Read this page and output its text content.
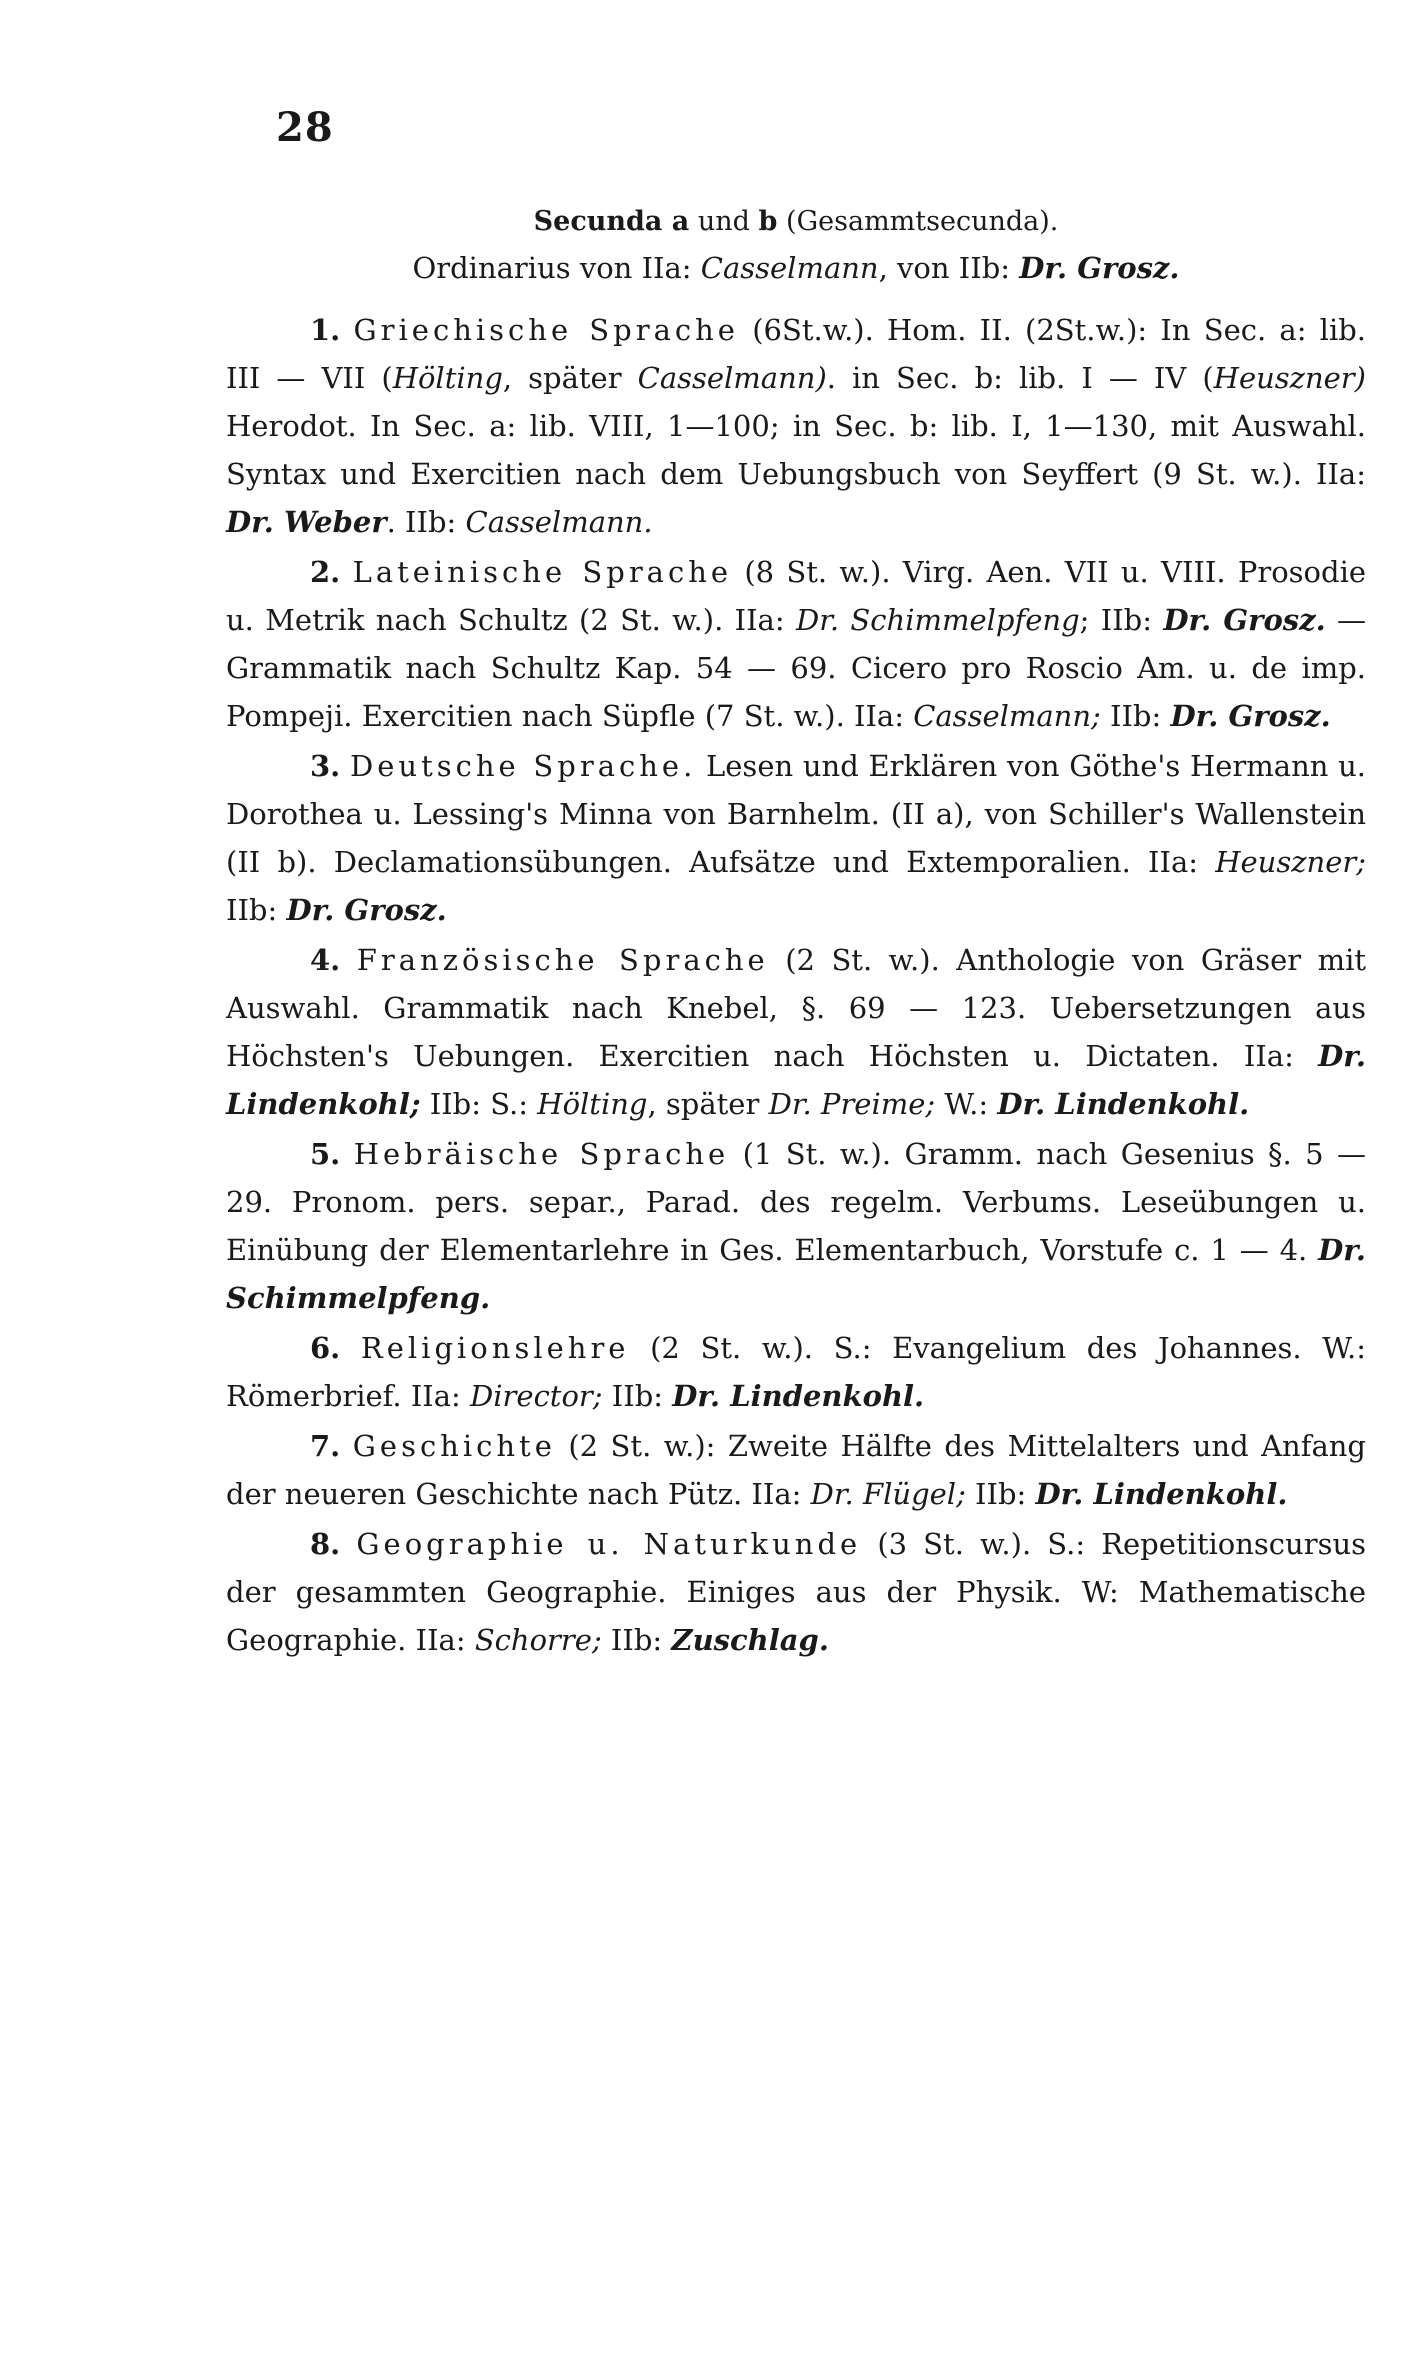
28

Secunda a und b (Gesammtsecunda).

Ordinarius von IIa: Casselmann, von IIb: Dr. Grosz.

1. Griechische Sprache (6St.w.). Hom. II. (2St.w.): In Sec. a: lib. III — VII (Hölting, später Casselmann). in Sec. b: lib. I — IV (Heuszner) Herodot. In Sec. a: lib. VIII, 1—100; in Sec. b: lib. I, 1—130, mit Auswahl. Syntax und Exercitien nach dem Uebungsbuch von Seyffert (9 St. w.). IIa: Dr. Weber. IIb: Casselmann.

2. Lateinische Sprache (8 St. w.). Virg. Aen. VII u. VIII. Prosodie u. Metrik nach Schultz (2 St. w.). IIa: Dr. Schimmelpfeng; IIb: Dr. Grosz. — Grammatik nach Schultz Kap. 54 — 69. Cicero pro Roscio Am. u. de imp. Pompeji. Exercitien nach Süpfle (7 St. w.). IIa: Casselmann; IIb: Dr. Grosz.

3. Deutsche Sprache. Lesen und Erklären von Göthe's Hermann u. Dorothea u. Lessing's Minna von Barnhelm. (II a), von Schiller's Wallenstein (II b). Declamationsübungen. Aufsätze und Extemporalien. IIa: Heuszner; IIb: Dr. Grosz.

4. Französische Sprache (2 St. w.). Anthologie von Gräser mit Auswahl. Grammatik nach Knebel, §. 69 — 123. Uebersetzungen aus Höchsten's Uebungen. Exercitien nach Höchsten u. Dictaten. IIa: Dr. Lindenkohl; IIb: S.: Hölting, später Dr. Preime; W.: Dr. Lindenkohl.

5. Hebräische Sprache (1 St. w.). Gramm. nach Gesenius §. 5 — 29. Pronom. pers. separ., Parad. des regelm. Verbums. Leseübungen u. Einübung der Elementarlehre in Ges. Elementarbuch, Vorstufe c. 1 — 4. Dr. Schimmelpfeng.

6. Religionslehre (2 St. w.). S.: Evangelium des Johannes. W.: Römerbrief. IIa: Director; IIb: Dr. Lindenkohl.

7. Geschichte (2 St. w.): Zweite Hälfte des Mittelalters und Anfang der neueren Geschichte nach Pütz. IIa: Dr. Flügel; IIb: Dr. Lindenkohl.

8. Geographie u. Naturkunde (3 St. w.). S.: Repetitionscursus der gesammten Geographie. Einiges aus der Physik. W: Mathematische Geographie. IIa: Schorre; IIb: Zuschlag.
